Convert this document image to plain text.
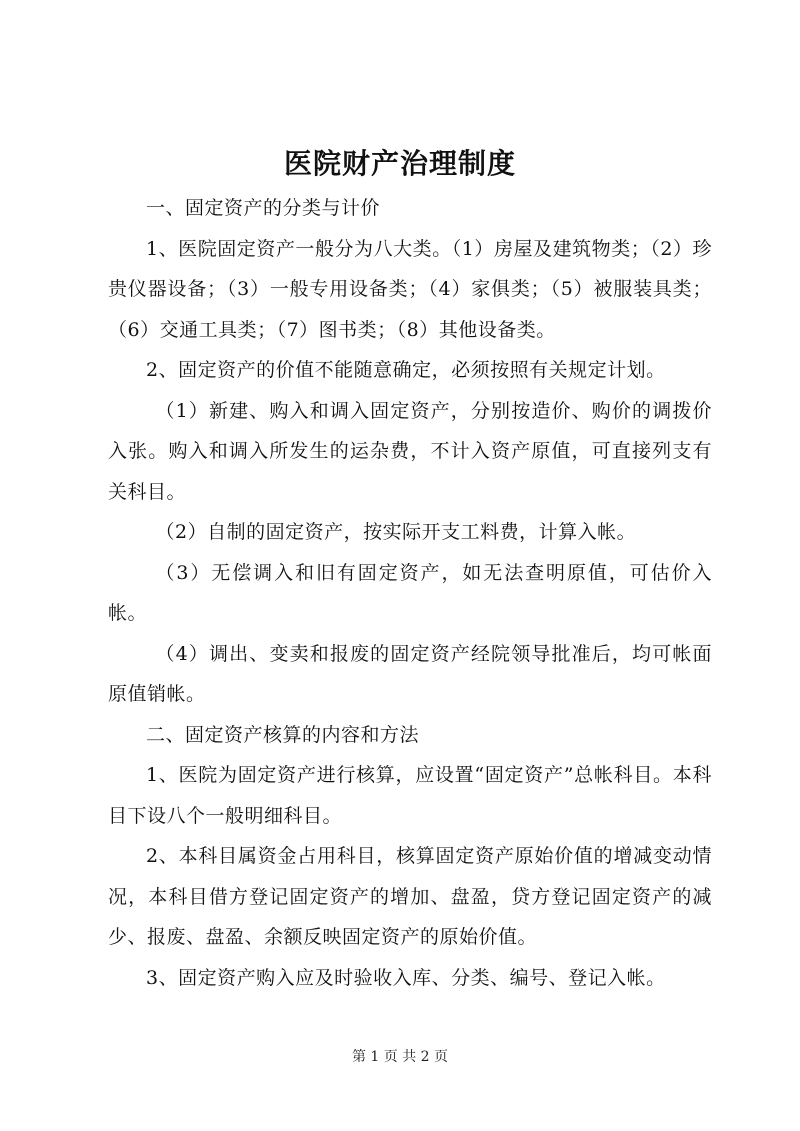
医院财产治理制度

一、固定资产的分类与计价

1、医院固定资产一般分为八大类。（1）房屋及建筑物类；（2）珍贵仪器设备；（3）一般专用设备类；（4）家俱类；（5）被服装具类；（6）交通工具类；（7）图书类；（8）其他设备类。

2、固定资产的价值不能随意确定，必须按照有关规定计划。

（1）新建、购入和调入固定资产，分别按造价、购价的调拨价入张。购入和调入所发生的运杂费，不计入资产原值，可直接列支有关科目。

（2）自制的固定资产，按实际开支工料费，计算入帐。

（3）无偿调入和旧有固定资产，如无法查明原值，可估价入帐。

（4）调出、变卖和报废的固定资产经院领导批准后，均可帐面原值销帐。

二、固定资产核算的内容和方法

1、医院为固定资产进行核算，应设置“固定资产”总帐科目。本科目下设八个一般明细科目。

2、本科目属资金占用科目，核算固定资产原始价值的增减变动情况，本科目借方登记固定资产的增加、盘盈，贷方登记固定资产的减少、报废、盘盈、余额反映固定资产的原始价值。

3、固定资产购入应及时验收入库、分类、编号、登记入帐。

第 1 页 共 2 页
